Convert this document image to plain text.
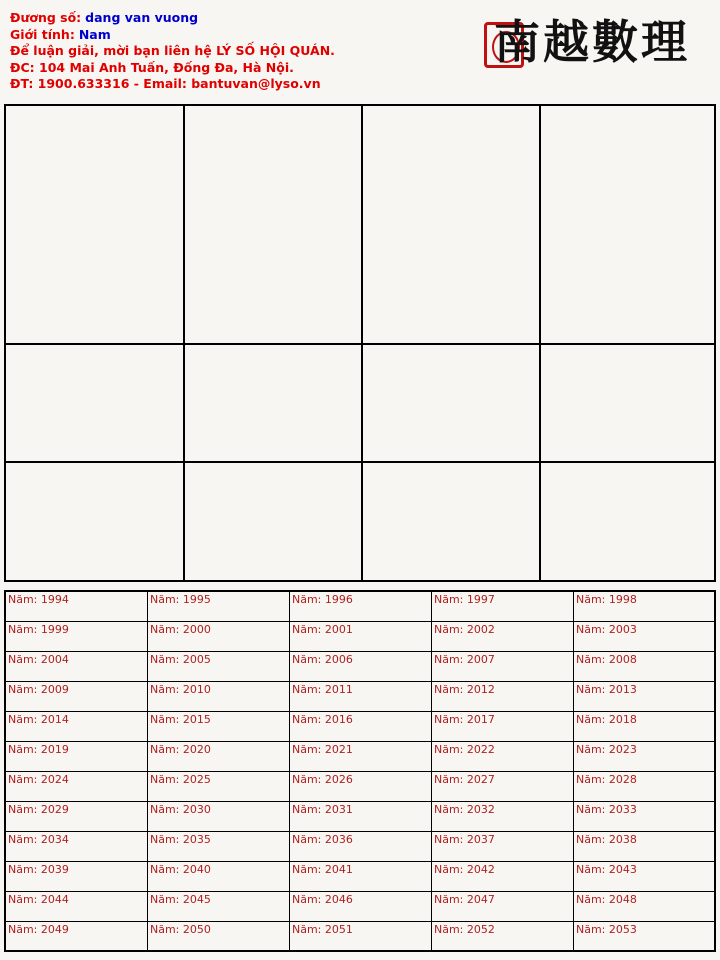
Đương số: dang van vuong
Giới tính: Nam
Để luận giải, mời bạn liên hệ LÝ SỐ HỘI QUÁN.
ĐC: 104 Mai Anh Tuấn, Đống Đa, Hà Nội.
ĐT: 1900.633316 - Email: bantuvan@lyso.vn
南越數理
Năm: 1994	Năm: 1995	Năm: 1996	Năm: 1997	Năm: 1998
Năm: 1999	Năm: 2000	Năm: 2001	Năm: 2002	Năm: 2003
Năm: 2004	Năm: 2005	Năm: 2006	Năm: 2007	Năm: 2008
Năm: 2009	Năm: 2010	Năm: 2011	Năm: 2012	Năm: 2013
Năm: 2014	Năm: 2015	Năm: 2016	Năm: 2017	Năm: 2018
Năm: 2019	Năm: 2020	Năm: 2021	Năm: 2022	Năm: 2023
Năm: 2024	Năm: 2025	Năm: 2026	Năm: 2027	Năm: 2028
Năm: 2029	Năm: 2030	Năm: 2031	Năm: 2032	Năm: 2033
Năm: 2034	Năm: 2035	Năm: 2036	Năm: 2037	Năm: 2038
Năm: 2039	Năm: 2040	Năm: 2041	Năm: 2042	Năm: 2043
Năm: 2044	Năm: 2045	Năm: 2046	Năm: 2047	Năm: 2048
Năm: 2049	Năm: 2050	Năm: 2051	Năm: 2052	Năm: 2053
